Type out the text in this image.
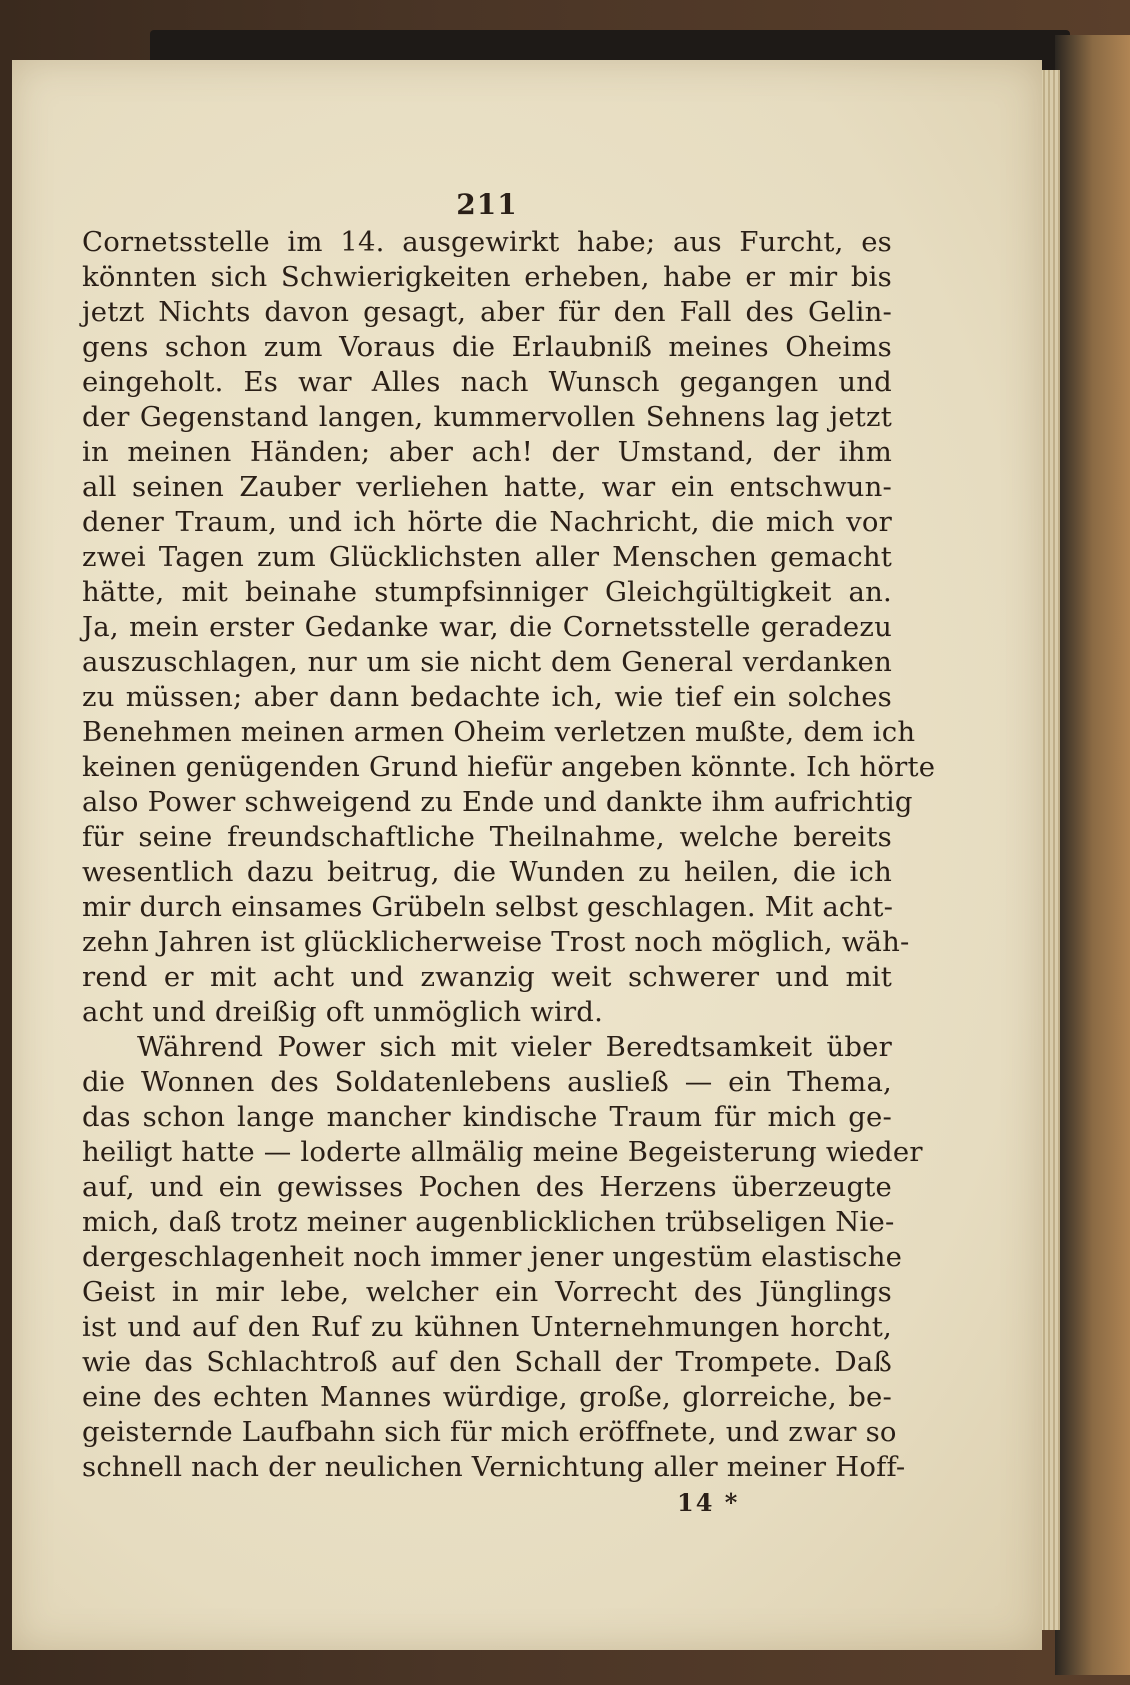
211
Cornetsstelle im 14. ausgewirkt habe; aus Furcht, es
könnten sich Schwierigkeiten erheben, habe er mir bis
jetzt Nichts davon gesagt, aber für den Fall des Gelin-
gens schon zum Voraus die Erlaubniß meines Oheims
eingeholt. Es war Alles nach Wunsch gegangen und
der Gegenstand langen, kummervollen Sehnens lag jetzt
in meinen Händen; aber ach! der Umstand, der ihm
all seinen Zauber verliehen hatte, war ein entschwun-
dener Traum, und ich hörte die Nachricht, die mich vor
zwei Tagen zum Glücklichsten aller Menschen gemacht
hätte, mit beinahe stumpfsinniger Gleichgültigkeit an.
Ja, mein erster Gedanke war, die Cornetsstelle geradezu
auszuschlagen, nur um sie nicht dem General verdanken
zu müssen; aber dann bedachte ich, wie tief ein solches
Benehmen meinen armen Oheim verletzen mußte, dem ich
keinen genügenden Grund hiefür angeben könnte. Ich hörte
also Power schweigend zu Ende und dankte ihm aufrichtig
für seine freundschaftliche Theilnahme, welche bereits
wesentlich dazu beitrug, die Wunden zu heilen, die ich
mir durch einsames Grübeln selbst geschlagen. Mit acht-
zehn Jahren ist glücklicherweise Trost noch möglich, wäh-
rend er mit acht und zwanzig weit schwerer und mit
acht und dreißig oft unmöglich wird.
Während Power sich mit vieler Beredtsamkeit über
die Wonnen des Soldatenlebens ausließ — ein Thema,
das schon lange mancher kindische Traum für mich ge-
heiligt hatte — loderte allmälig meine Begeisterung wieder
auf, und ein gewisses Pochen des Herzens überzeugte
mich, daß trotz meiner augenblicklichen trübseligen Nie-
dergeschlagenheit noch immer jener ungestüm elastische
Geist in mir lebe, welcher ein Vorrecht des Jünglings
ist und auf den Ruf zu kühnen Unternehmungen horcht,
wie das Schlachtroß auf den Schall der Trompete. Daß
eine des echten Mannes würdige, große, glorreiche, be-
geisternde Laufbahn sich für mich eröffnete, und zwar so
schnell nach der neulichen Vernichtung aller meiner Hoff-
14 *
